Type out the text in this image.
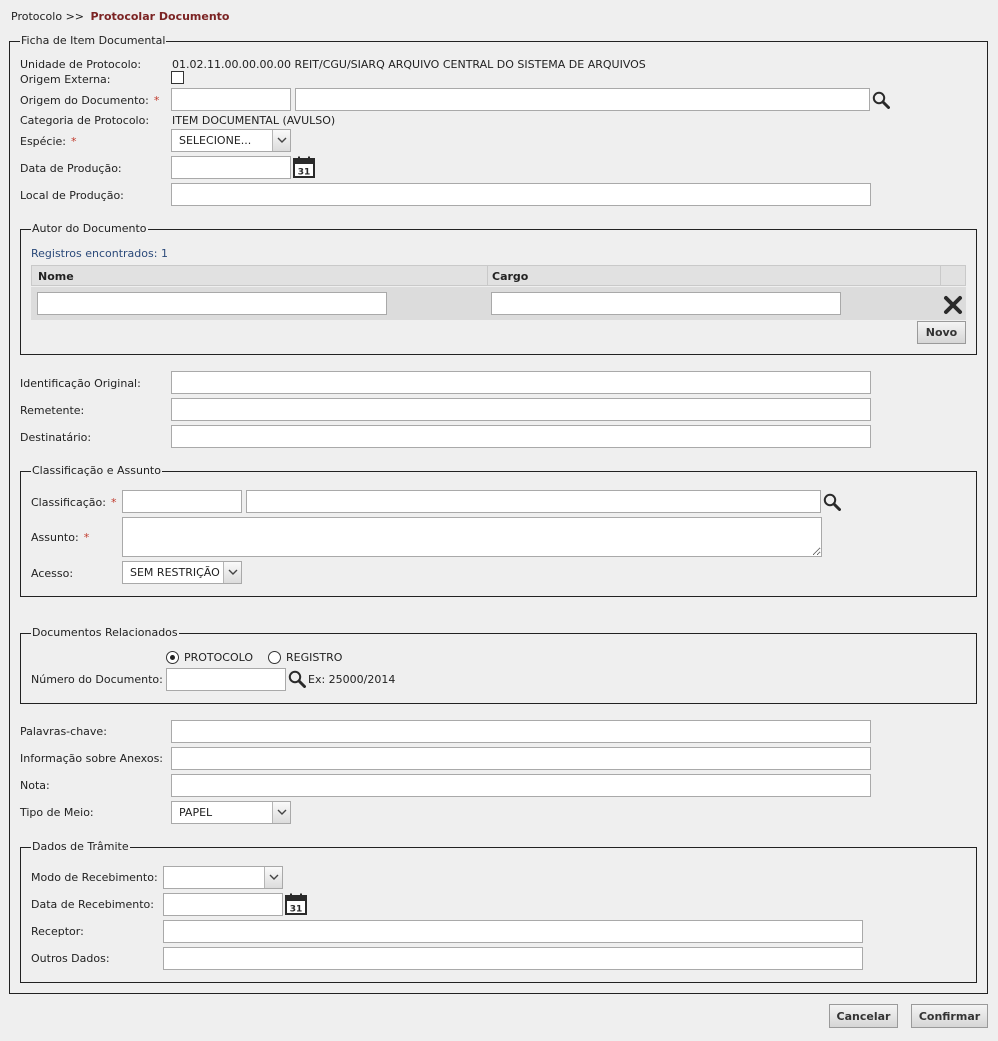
Protocolo >> Protocolar Documento
Ficha de Item Documental
Unidade de Protocolo:	01.02.11.00.00.00.00 REIT/CGU/SIARQ ARQUIVO CENTRAL DO SISTEMA DE ARQUIVOS
Origem Externa:
Origem do Documento: *
Categoria de Protocolo: ITEM DOCUMENTAL (AVULSO)
Espécie: *	SELECIONE...
Data de Produção:	31
Local de Produção:
Autor do Documento
Registros encontrados: 1
Nome	Cargo
Novo
Identificação Original:
Remetente:
Destinatário:
Classificação e Assunto
Classificação: *
Assunto: *
Acesso:	SEM RESTRIÇÃO
Documentos Relacionados
PROTOCOLO	REGISTRO
Número do Documento:	Ex: 25000/2014
Palavras-chave:
Informação sobre Anexos:
Nota:
Tipo de Meio:	PAPEL
Dados de Trâmite
Modo de Recebimento:
Data de Recebimento:	31
Receptor:
Outros Dados:
Cancelar	Confirmar
